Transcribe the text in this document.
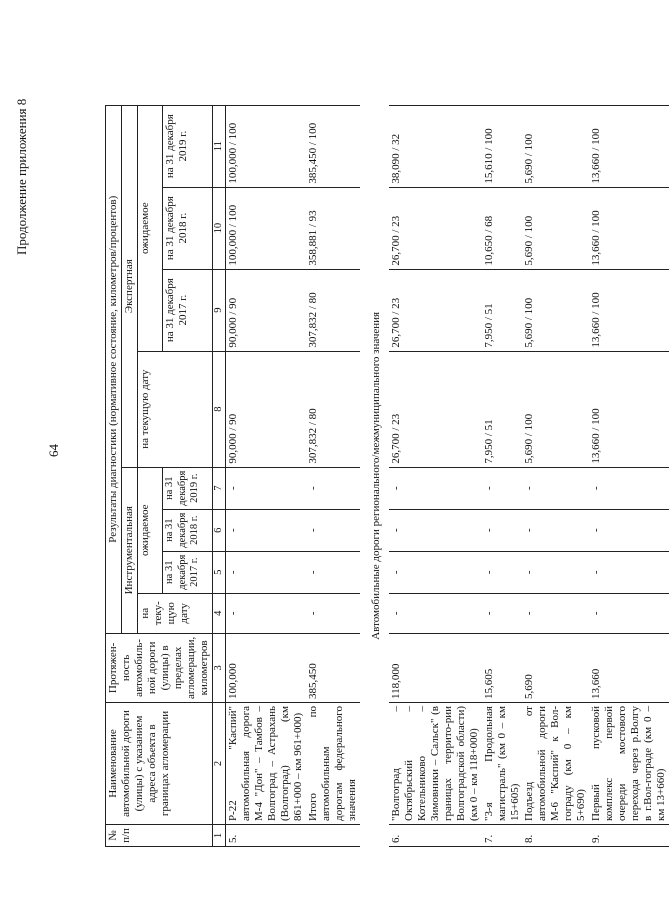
64
Продолжение приложения 8
№ п/п	Наименование автомобильной дороги (улицы) с указанием адреса объекта в границах агломерации	Протяжен-ность автомобиль-ной дороги (улицы) в пределах агломерации, километров	Результаты диагностики (нормативное состояние, километров/процентов)							
			Инструментальная				Экспертная			
			на теку-щую дату	ожидаемое			на текущую дату	ожидаемое		
				на 31 декабря 2017 г.	на 31 декабря 2018 г.	на 31 декабря 2019 г.		на 31 декабря 2017 г.	на 31 декабря 2018 г.	на 31 декабря 2019 г.

1	2	3	4	5	6	7	8	9	10	11
5.	Р-22 "Каспий" автомобильная дорога М-4 "Дон" – Тамбов – Волгоград – Астрахань (Волгоград) (км 861+000 – км 961+000)	100,000	-	-	-	-	90,000 / 90	90,000 / 90	100,000 / 100	100,000 / 100
	Итого по автомобильным дорогам федерального значения	385,450	-	-	-	-	307,832 / 80	307,832 / 80	358,881 / 93	385,450 / 100
Автомобильные дороги регионального/межмуниципального значения										
6.	"Волгоград – Октябрьский – Котельниково – Зимовники – Сальск" (в границах террито-рии Волгоградской области) (км 0 – км 118+000)	118,000	-	-	-	-	26,700 / 23	26,700 / 23	26,700 / 23	38,090 / 32
7.	"3-я Продольная магистраль" (км 0 – км 15+605)	15,605	-	-	-	-	7,950 / 51	7,950 / 51	10,650 / 68	15,610 / 100
8.	Подъезд от автомобильной дороги М-6 "Каспий" к Вол-гограду (км 0 – км 5+690)	5,690	-	-	-	-	5,690 / 100	5,690 / 100	5,690 / 100	5,690 / 100
9.	Первый пусковой комплекс первой очереди мостового перехода через р.Волгу в г.Вол-гограде (км 0 – км 13+660)	13,660	-	-	-	-	13,660 / 100	13,660 / 100	13,660 / 100	13,660 / 100
